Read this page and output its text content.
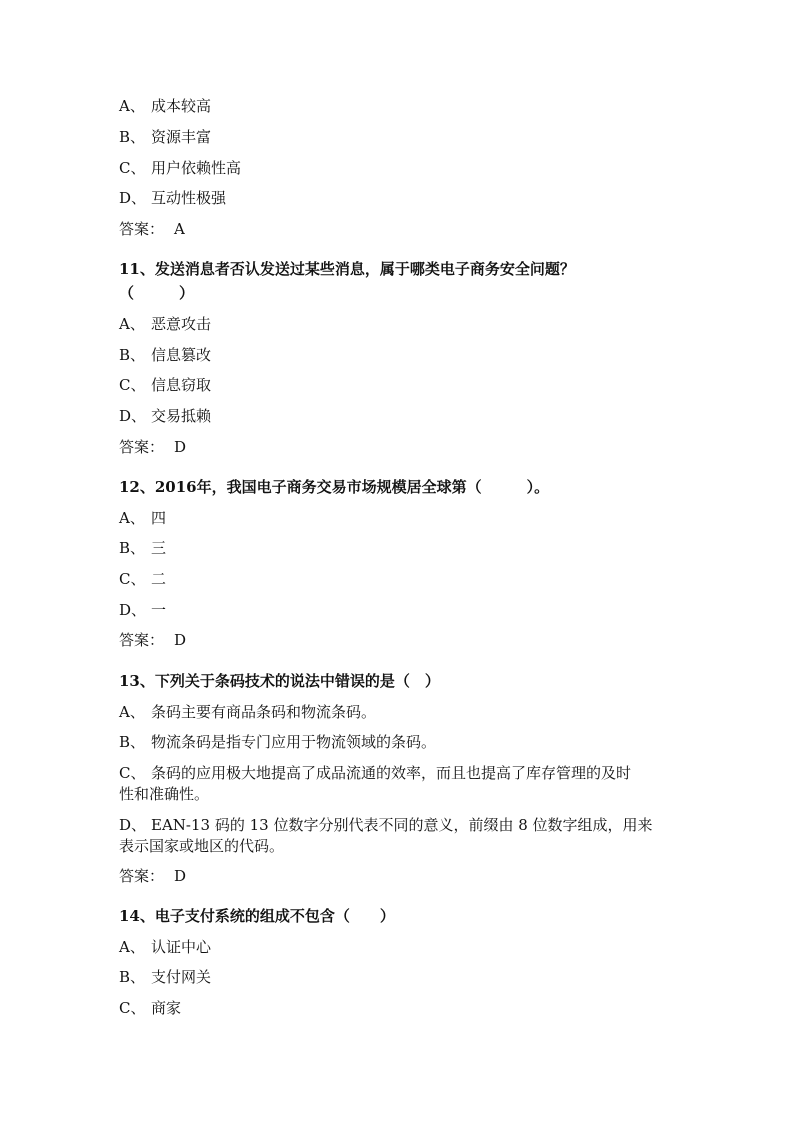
A、 成本较高
B、 资源丰富
C、 用户依赖性高
D、 互动性极强
答案： A
11、发送消息者否认发送过某些消息，属于哪类电子商务安全问题？
（　　　）
A、 恶意攻击
B、 信息篡改
C、 信息窃取
D、 交易抵赖
答案： D
12、2016年，我国电子商务交易市场规模居全球第（　　　）。
A、 四
B、 三
C、 二
D、 一
答案： D
13、下列关于条码技术的说法中错误的是（　）
A、 条码主要有商品条码和物流条码。
B、 物流条码是指专门应用于物流领域的条码。
C、 条码的应用极大地提高了成品流通的效率，而且也提高了库存管理的及时
性和准确性。
D、 EAN-13 码的 13 位数字分别代表不同的意义，前缀由 8 位数字组成，用来
表示国家或地区的代码。
答案： D
14、电子支付系统的组成不包含（　　）
A、 认证中心
B、 支付网关
C、 商家
